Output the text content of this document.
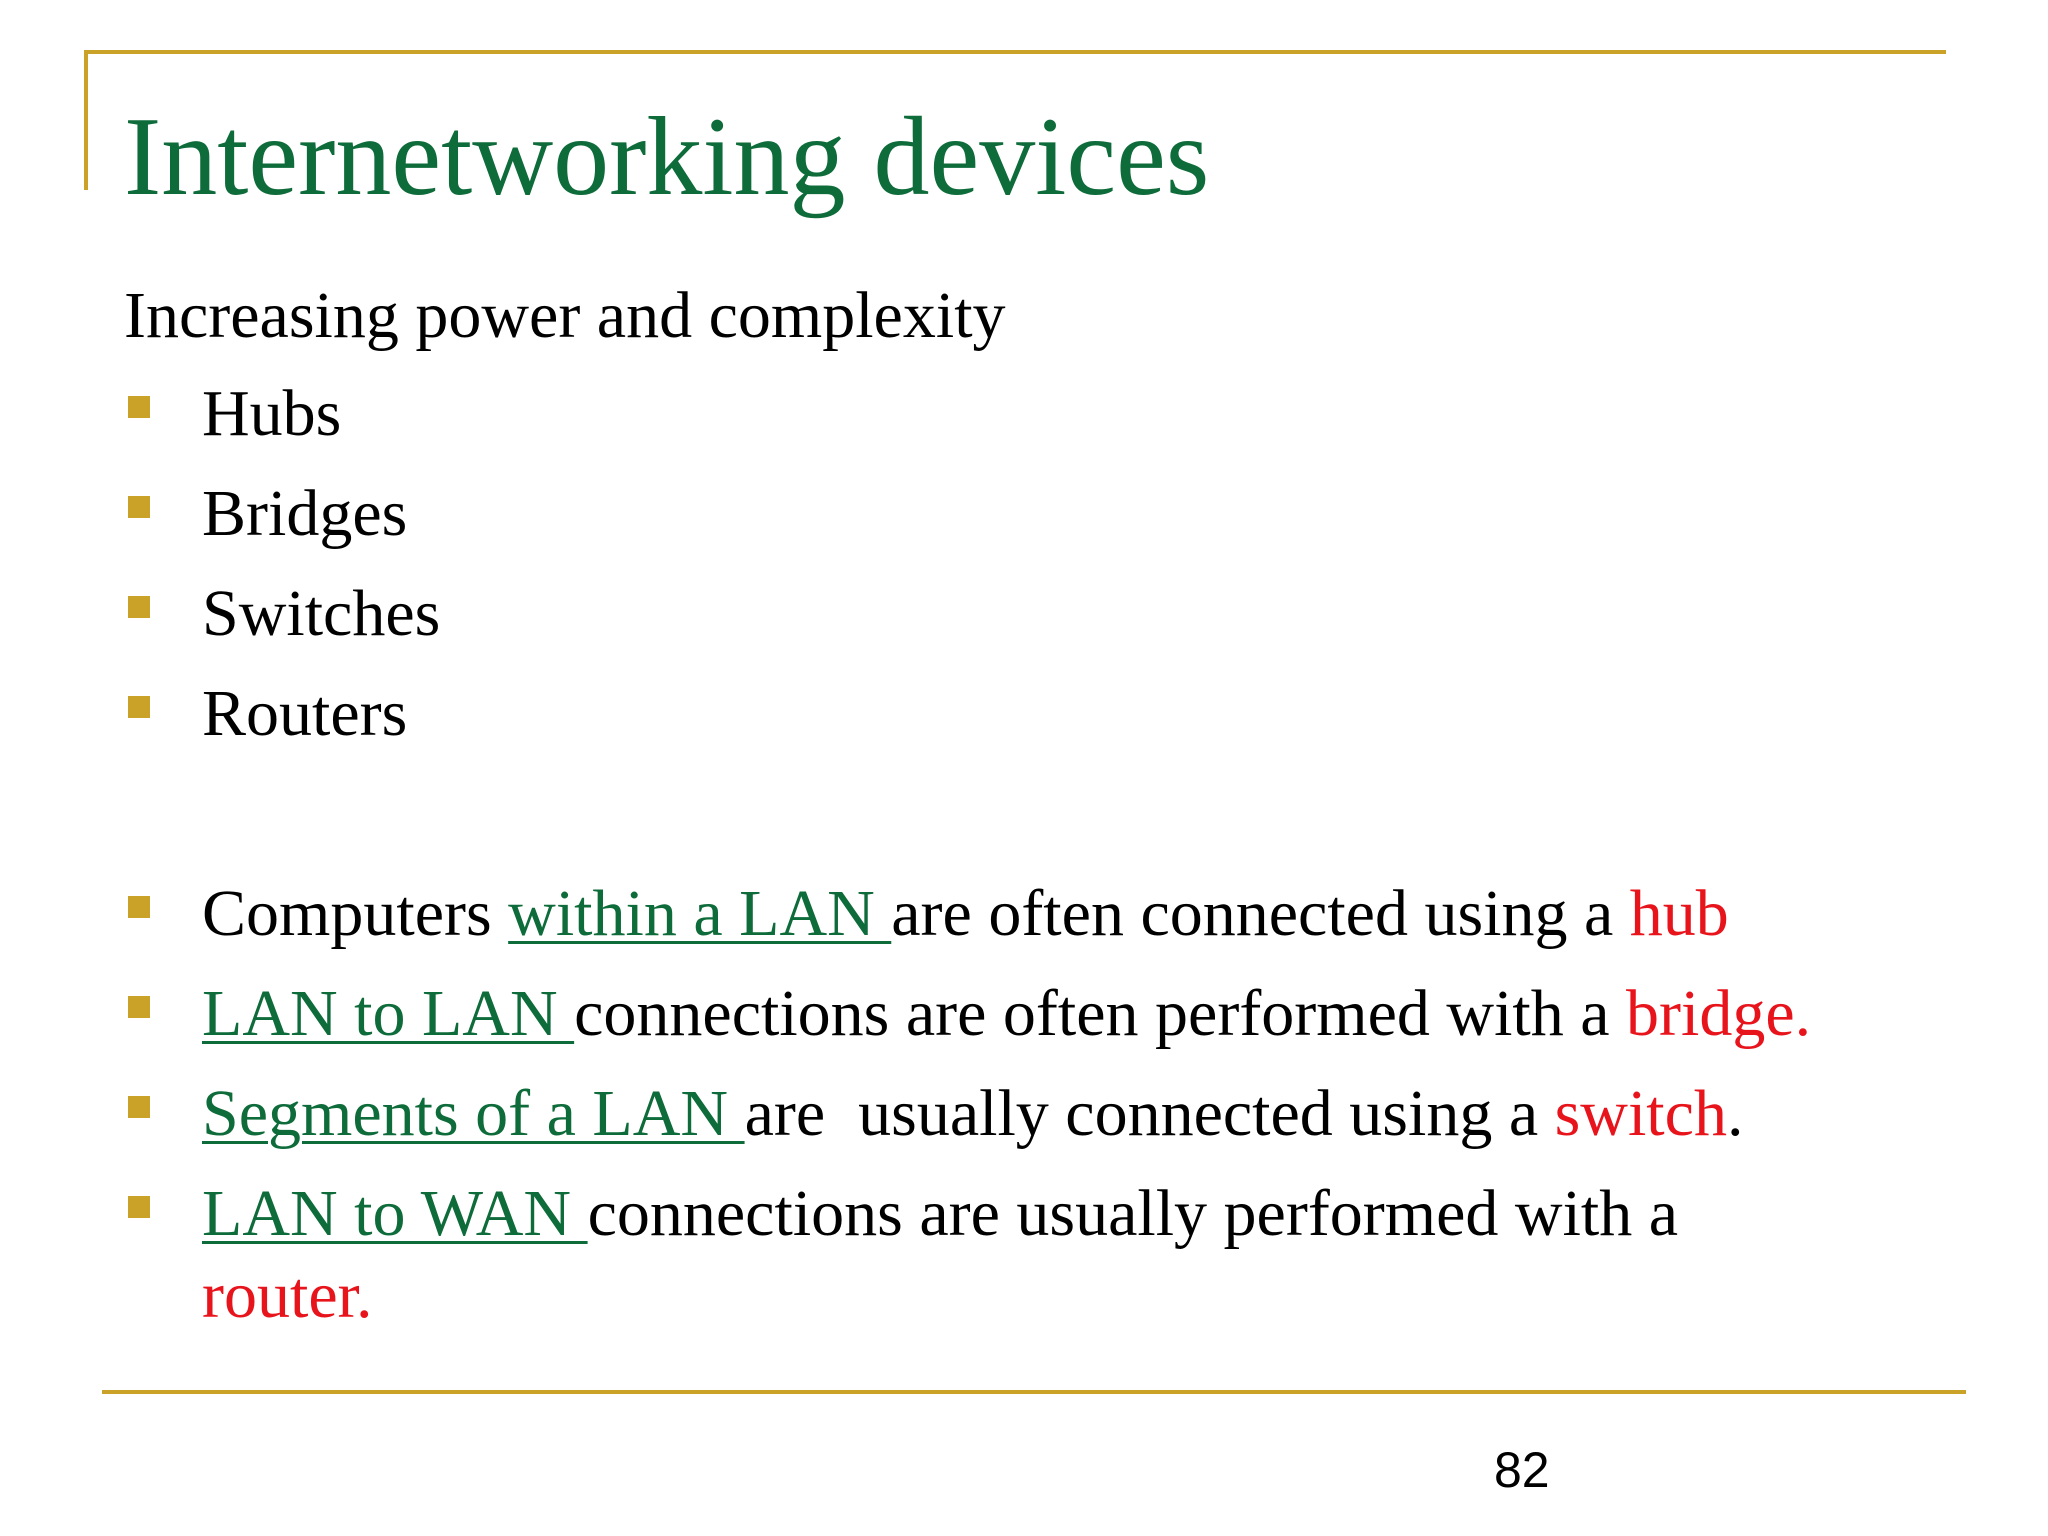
Internetworking devices
Increasing power and complexity
Hubs
Bridges
Switches
Routers
Computers within a LAN are often connected using a hub
LAN to LAN connections are often performed with a bridge.
Segments of a LAN are  usually connected using a switch.
LAN to WAN connections are usually performed with a
router.
82
